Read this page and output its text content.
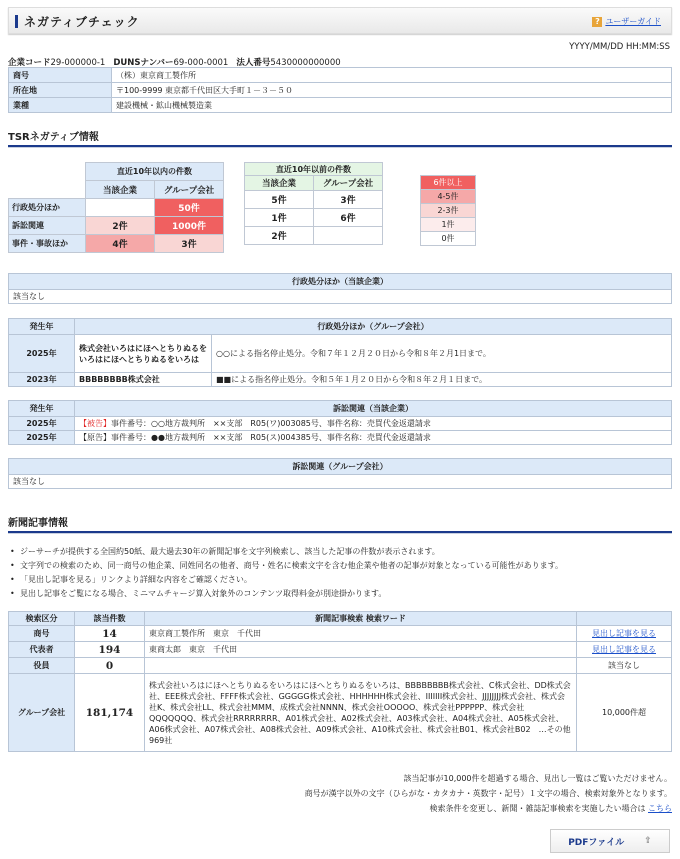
ネガティブチェック	? ユーザーガイド
YYYY/MM/DD HH:MM:SS
企業コード29-000000-1 DUNSナンバー69-000-0001 法人番号5430000000000
商号	（株）東京商工製作所
所在地	〒100-9999 東京都千代田区大手町１－３－５０
業種	建設機械・鉱山機械製造業
TSRネガティブ情報
	直近10年以内の件数	
	当該企業	グループ会社
行政処分ほか		50件
訴訟関連	2件	1000件
事件・事故ほか	4件	3件
直近10年以前の件数	
当該企業	グループ会社
5件	3件
1件	6件
2件	
6件以上
4-5件
2-3件
1件
0件
行政処分ほか（当該企業）
該当なし
発生年	行政処分ほか（グループ会社）	
2025年	株式会社いろはにほへとちりぬるをいろはにほへとちりぬるをいろは	○○による指名停止処分。令和７年１２月２０日から令和８年２月1日まで。
2023年	BBBBBBBB株式会社	■■による指名停止処分。令和５年１月２０日から令和８年２月１日まで。
発生年	訴訟関連（当該企業）
2025年	【被告】事件番号：○○地方裁判所　××支部　R05(ワ)003085号、事件名称：売買代金返還請求
2025年	【原告】事件番号：●●地方裁判所　××支部　R05(ス)004385号、事件名称：売買代金返還請求
訴訟関連（グループ会社）
該当なし
新聞記事情報
• ジーサーチが提供する全国約50紙、最大過去30年の新聞記事を文字列検索し、該当した記事の件数が表示されます。
• 文字列での検索のため、同一商号の他企業、同姓同名の他者、商号・姓名に検索文字を含む他企業や他者の記事が対象となっている可能性があります。
• 「見出し記事を見る」リンクより詳細な内容をご確認ください。
• 見出し記事をご覧になる場合、ミニマムチャージ算入対象外のコンテンツ取得料金が別途掛かります。
検索区分	該当件数	新聞記事検索 検索ワード	
商号	14	東京商工製作所　東京　千代田	見出し記事を見る
代表者	194	東商太郎　東京　千代田	見出し記事を見る
役員	0		該当なし
グループ会社	181,174	株式会社いろはにほへとちりぬるをいろはにほへとちりぬるをいろは、BBBBBBBB株式会社、C株式会社、DD株式会社、EEE株式会社、FFFF株式会社、GGGGG株式会社、HHHHHH株式会社、IIIIIII株式会社、JJJJJJJJ株式会社、株式会社K、株式会社LL、株式会社MMM、成株式会社NNNN、株式会社OOOOO、株式会社PPPPPP、株式会社QQQQQQQ、株式会社RRRRRRRR、A01株式会社、A02株式会社、A03株式会社、A04株式会社、A05株式会社、A06株式会社、A07株式会社、A08株式会社、A09株式会社、A10株式会社、株式会社B01、株式会社B02　…その他969社	10,000件超
該当記事が10,000件を超過する場合、見出し一覧はご覧いただけません。
商号が漢字以外の文字（ひらがな・カタカナ・英数字・記号）１文字の場合、検索対象外となります。
検索条件を変更し、新聞・雑誌記事検索を実施したい場合は こちら
PDFファイル ⇪
